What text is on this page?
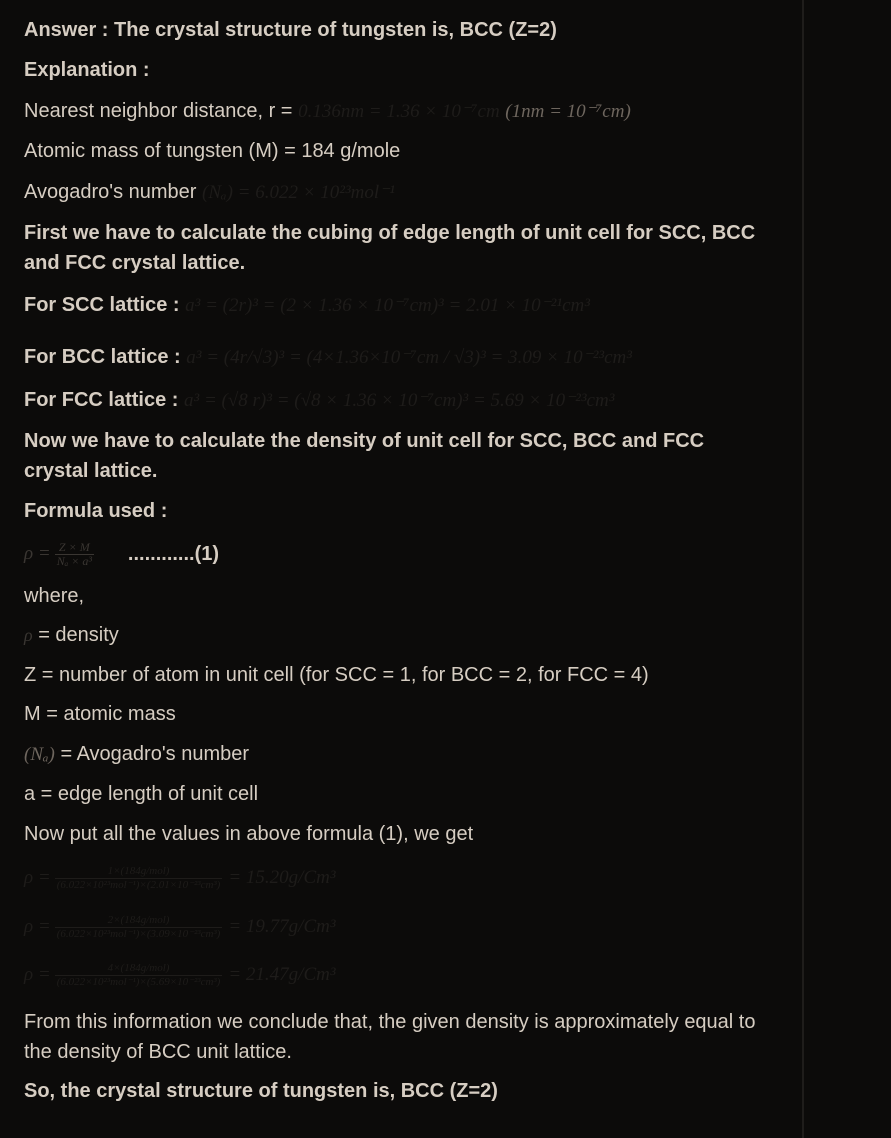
Answer : The crystal structure of tungsten is, BCC (Z=2)
Explanation :
Nearest neighbor distance, r = 0.136nm = 1.36 × 10⁻⁷cm (1nm = 10⁻⁷cm)
Atomic mass of tungsten (M) = 184 g/mole
Avogadro's number (Nₐ) = 6.022 × 10²³mol⁻¹
First we have to calculate the cubing of edge length of unit cell for SCC, BCC and FCC crystal lattice.
For SCC lattice : a³ = (2r)³ = (2 × 1.36 × 10⁻⁷cm)³ = 2.01 × 10⁻²¹cm³
For BCC lattice : a³ = (4r/√3)³ = (4×1.36×10⁻⁷cm / √3)³ = 3.09 × 10⁻²³cm³
For FCC lattice : a³ = (√8 r)³ = (√8 × 1.36 × 10⁻⁷cm)³ = 5.69 × 10⁻²³cm³
Now we have to calculate the density of unit cell for SCC, BCC and FCC crystal lattice.
Formula used :
$\rho = \frac{Z \times M}{\text{Nₐ × a³}} ............(1)$
where,
ρ = density
Z = number of atom in unit cell (for SCC = 1, for BCC = 2, for FCC = 4)
M = atomic mass
(Nₐ) = Avogadro's number
a = edge length of unit cell
Now put all the values in above formula (1), we get
$\rho = \frac{\text{1×(184g/mol)}}{\text{(6.022×10²³mol⁻¹)×(2.01×10⁻²³cm³)}} = 15.20g/Cm^3$
$\rho = \frac{\text{2×(184g/mol)}}{\text{(6.022×10²³mol⁻¹)×(3.09×10⁻²³cm³)}} = 19.77g/Cm^3$
$\rho = \frac{\text{4×(184g/mol)}}{\text{(6.022×10²³mol⁻¹)×(5.69×10⁻²³cm³)}} = 21.47g/Cm^3$
From this information we conclude that, the given density is approximately equal to the density of BCC unit lattice.
So, the crystal structure of tungsten is, BCC (Z=2)
